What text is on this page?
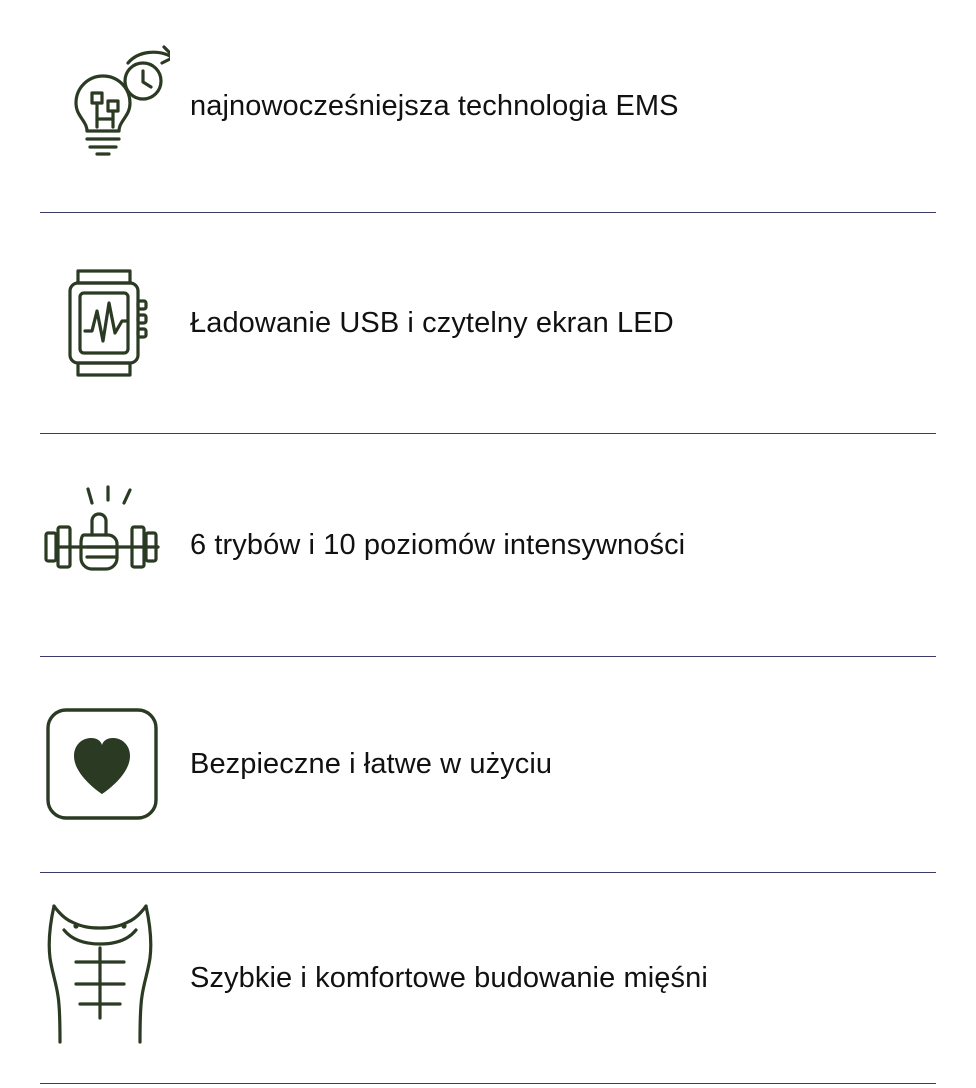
najnowocześniejsza technologia EMS
Ładowanie USB i czytelny ekran LED
6 trybów i 10 poziomów intensywności
Bezpieczne i łatwe w użyciu
Szybkie i komfortowe budowanie mięśni
